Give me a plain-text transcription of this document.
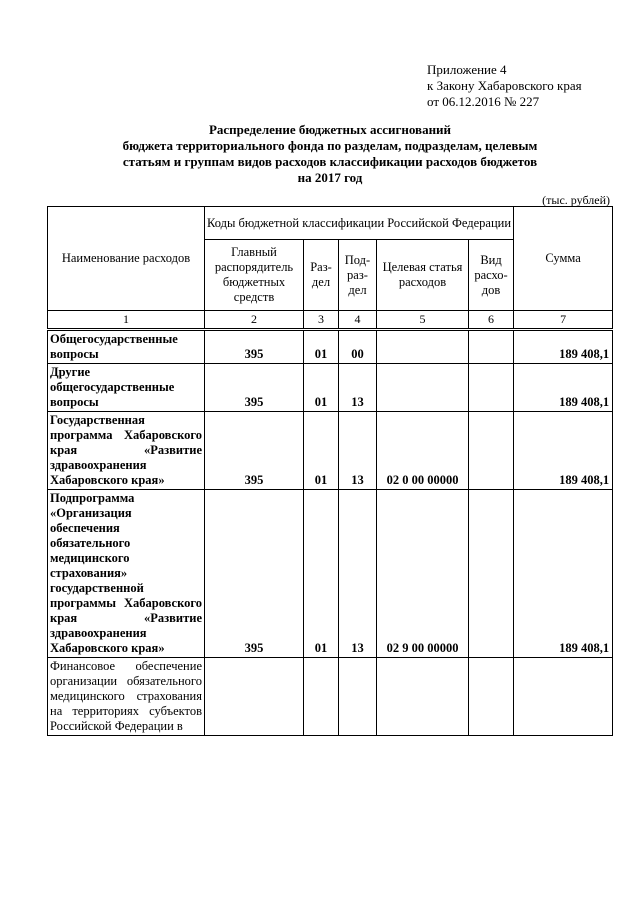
Приложение 4
к Закону Хабаровского края
от 06.12.2016 № 227
Распределение бюджетных ассигнований
бюджета территориального фонда по разделам, подразделам, целевым
статьям и группам видов расходов классификации расходов бюджетов
на 2017 год
(тыс. рублей)
Наименование расходов	Коды бюджетной классификации Российской Федерации					Сумма
	Главный распорядитель бюджетных средств	Раз-дел	Под-раз-дел	Целевая статья расходов	Вид расхо-дов	
1	2	3	4	5	6	7
Общегосударственные вопросы	395	01	00			189 408,1
Другие общегосударственные вопросы	395	01	13			189 408,1
Государственная программа Хабаровского края «Развитие здравоохранения Хабаровского края»	395	01	13	02 0 00 00000		189 408,1
Подпрограмма «Организация обеспечения обязательного медицинского страхования» государственной программы Хабаровского края «Развитие здравоохранения Хабаровского края»	395	01	13	02 9 00 00000		189 408,1
Финансовое обеспечение организации обязательного медицинского страхования на территориях субъектов Российской Федерации в						
